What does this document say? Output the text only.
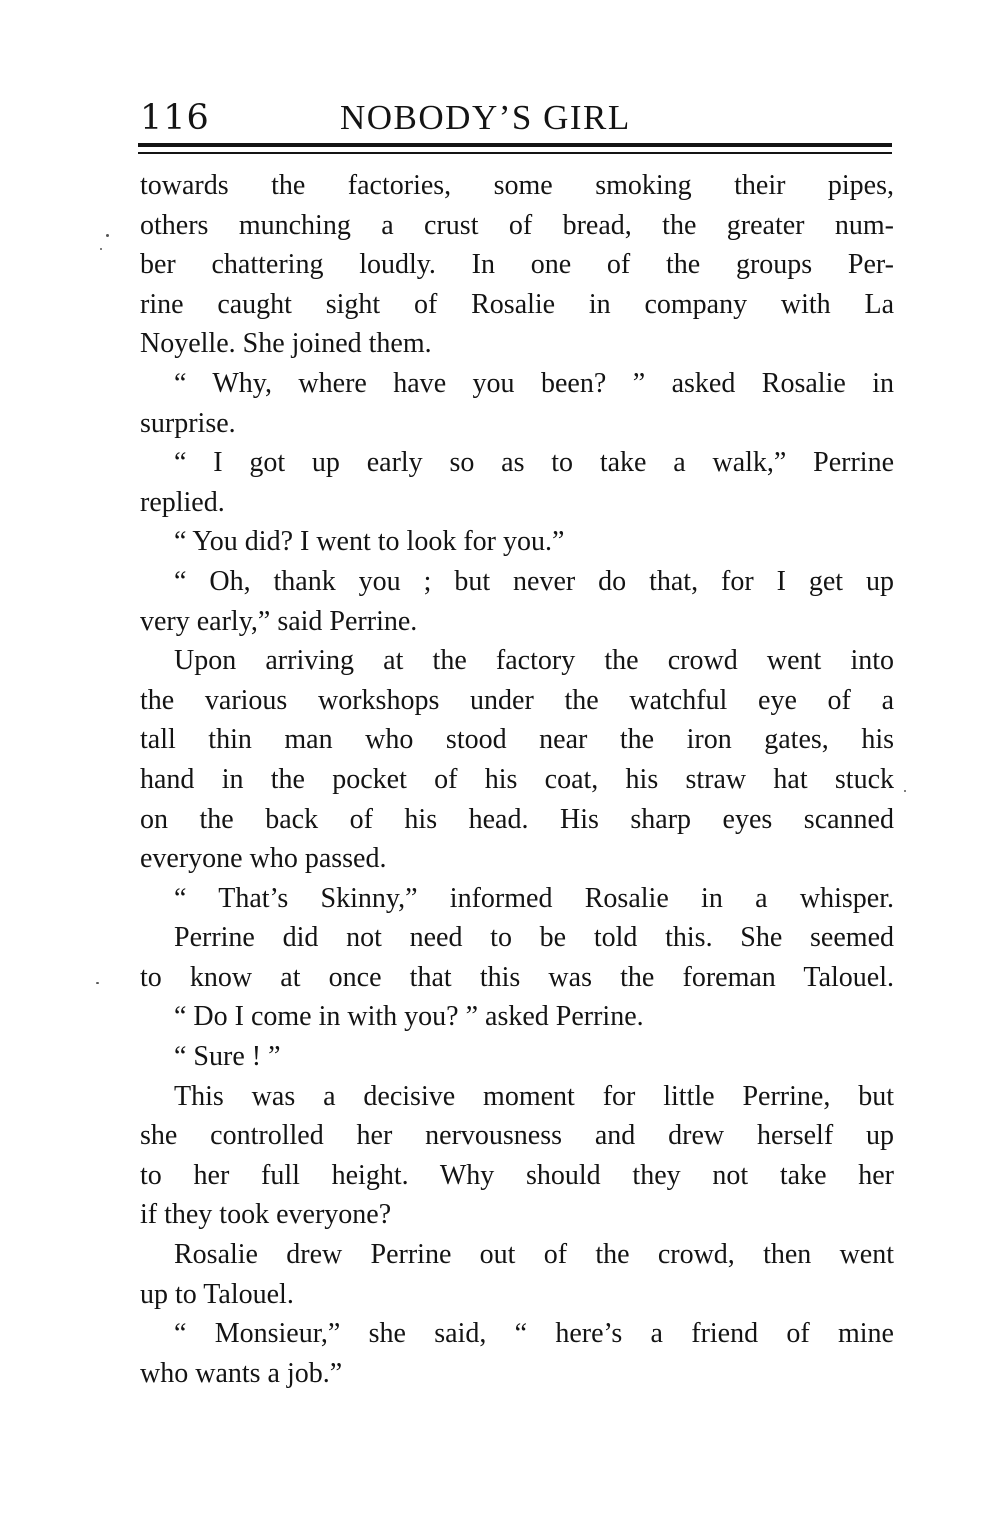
116	NOBODY’S GIRL
towards the factories, some smoking their pipes,
others munching a crust of bread, the greater num-
ber chattering loudly. In one of the groups Per-
rine caught sight of Rosalie in company with La
Noyelle. She joined them.
“ Why, where have you been? ” asked Rosalie in
surprise.
“ I got up early so as to take a walk,” Perrine
replied.
“ You did? I went to look for you.”
“ Oh, thank you ; but never do that, for I get up
very early,” said Perrine.
Upon arriving at the factory the crowd went into
the various workshops under the watchful eye of a
tall thin man who stood near the iron gates, his
hand in the pocket of his coat, his straw hat stuck
on the back of his head. His sharp eyes scanned
everyone who passed.
“ That’s Skinny,” informed Rosalie in a whisper.
Perrine did not need to be told this. She seemed
to know at once that this was the foreman Talouel.
“ Do I come in with you? ” asked Perrine.
“ Sure ! ”
This was a decisive moment for little Perrine, but
she controlled her nervousness and drew herself up
to her full height. Why should they not take her
if they took everyone?
Rosalie drew Perrine out of the crowd, then went
up to Talouel.
“ Monsieur,” she said, “ here’s a friend of mine
who wants a job.”
